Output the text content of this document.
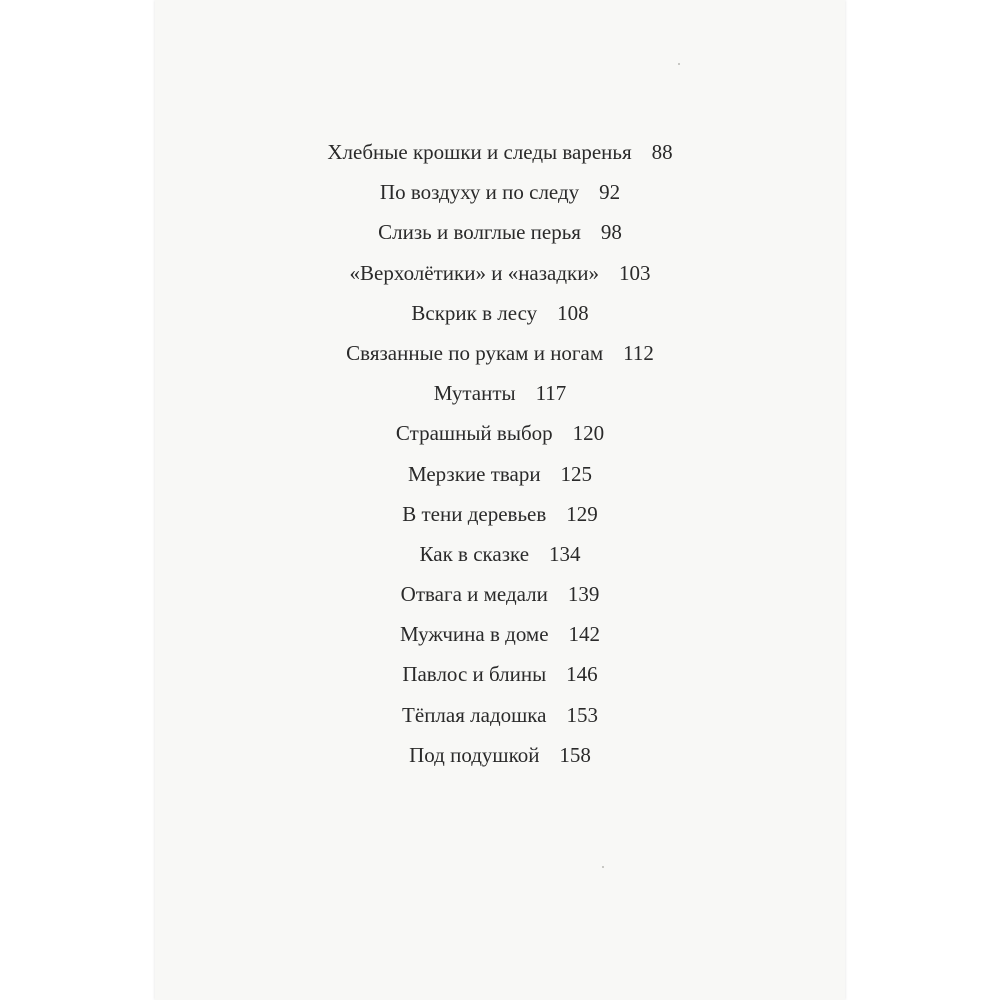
Хлебные крошки и следы варенья 88
По воздуху и по следу 92
Слизь и волглые перья 98
«Верхолётики» и «назадки» 103
Вскрик в лесу 108
Связанные по рукам и ногам 112
Мутанты 117
Страшный выбор 120
Мерзкие твари 125
В тени деревьев 129
Как в сказке 134
Отвага и медали 139
Мужчина в доме 142
Павлос и блины 146
Тёплая ладошка 153
Под подушкой 158
